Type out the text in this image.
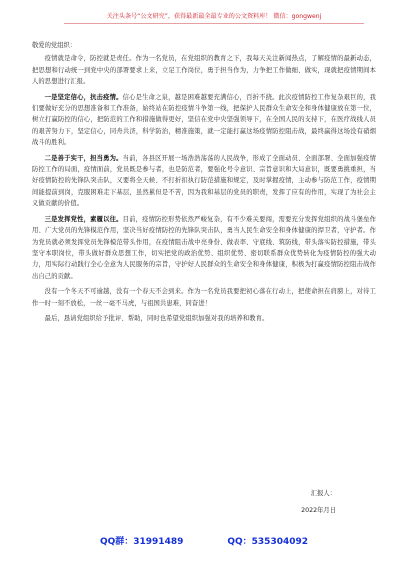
关注头条号“公文研究”，获得最新最全最专业的公文资料库！ 微信：gongwenj

敬爱的党组织：

疫情就是命令，防控就是责任。作为一名党员，在党组织的教育之下，我每天关注新闻热点，了解疫情的最新动态，把思想和行动统一到党中央的部署要求上来，立足工作岗位，勇于担当作为，力争把工作做细、做实，现就把疫情期间本人的思想进行汇报。

一是坚定信心，抗击疫情。信心是生命之泉，越是困难越要充满信心，百折不挠。此次疫情防控工作复杂艰巨的，我们要做好充分的思想准备和工作准备，始终站在防控疫情斗争第一线，把保护人民群众生命安全和身体健康放在第一位，树立打赢防控的信心，把防范的工作和措施做得更好，坚信在党中央坚强领导下，在全国人民的支持下，在医疗战线人员的艰苦努力下，坚定信心，同舟共济，科学防治，精准施策，就一定能打赢这场疫情防控阻击战，最终赢得这场没有硝烟战斗的胜利。

二是善于实干，担当勇为。当前，各县区开展一场浩浩荡荡的人民战争，形成了全面动员、全面部署、全面加强疫情防控工作的局面，疫情面前，党员既是参与者，也是防范者，要强化号令意识、宗旨意识和大局意识，既要勇挑重担，当好疫情防控的先锋队突击队，又要将全天候、不打折扣执行防范措施和规定，及时掌握疫情，主动参与防范工作，疫情期间能提前到岗，克服困难走下基层，虽然累但是不苦，因为我和基层的党员的职责，发挥了应有的作用，实现了为社会主义做贡献的价值。

三是发挥党性，素履以往。目前，疫情防控形势依然严峻复杂，有不少难关要闯，需要充分发挥党组织的战斗堡垒作用、广大党员的先锋模范作用，坚决当好疫情防控的先锋队突击队，勇当人民生命安全和身体健康的捍卫者，守护者。作为党员就必须发挥党员先锋模范带头作用，在疫情阻击战中亮身份、做表率、守底线、筑防线，带头落实防控措施，带头坚守本职岗位，带头做好群众思想工作，切实把党的政治优势、组织优势、密切联系群众优势转化为疫情防控的强大动力，用实际行动践行全心全意为人民服务的宗旨，守护好人民群众的生命安全和身体健康，积极为打赢疫情防控阻击战作出自己的贡献。

没有一个冬天不可逾越，没有一个春天不会到来。作为一名党员我要把初心落在行动上，把使命担在肩膀上，对待工作一时一刻不放松，一丝一毫不马虎，与祖国共患难，同奋进！

最后，恳请党组织给予批评、帮助，同时也希望党组织加强对我的培养和教育。

汇报人：
2022年月日
QQ群：31991489	QQ：535304092
